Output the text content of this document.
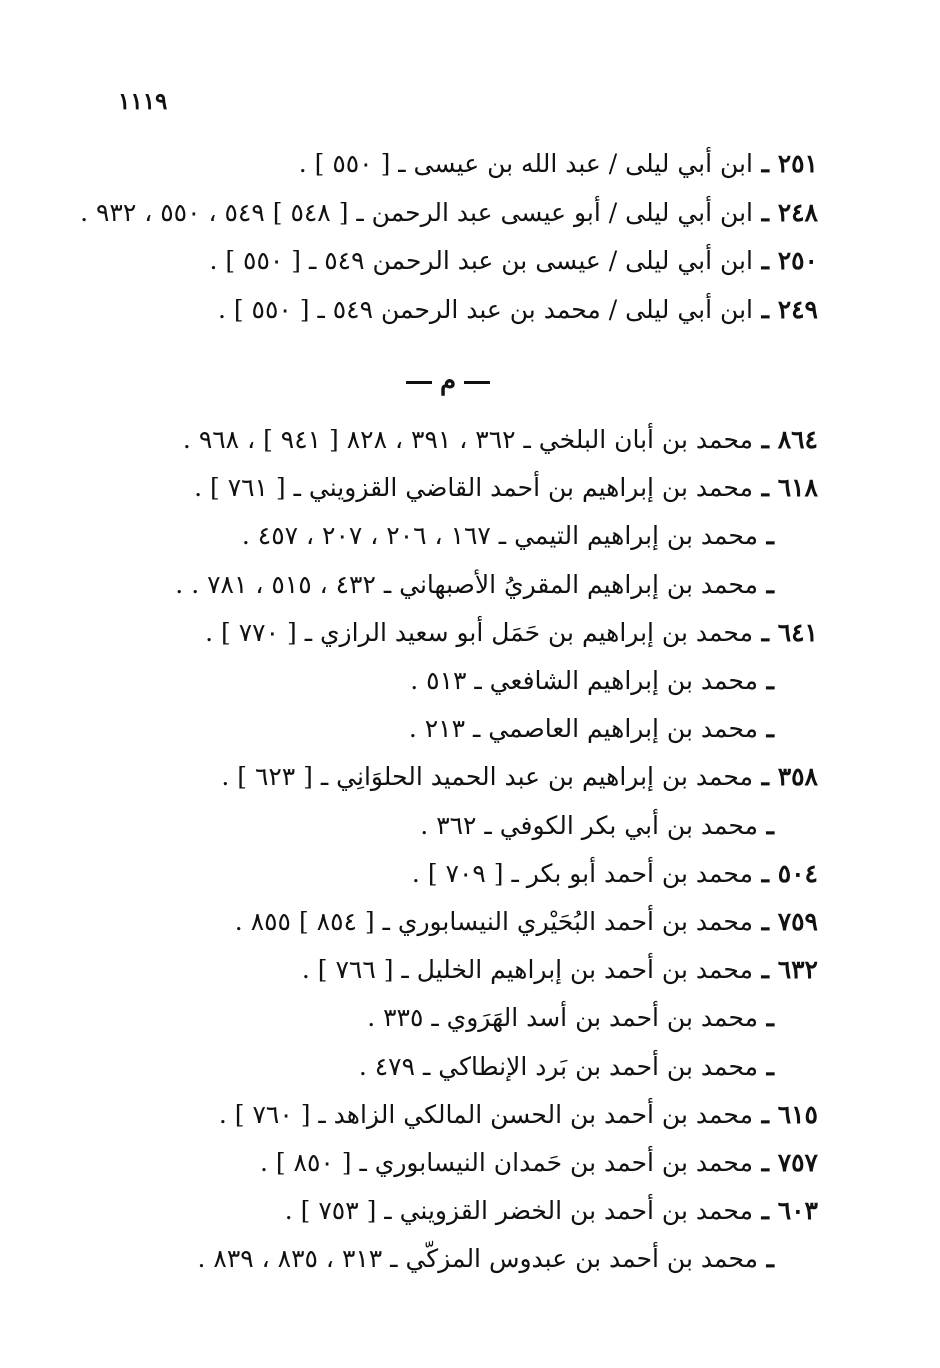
١١١٩
٢٥١ ـ ابن أبي ليلى / عبد الله بن عيسى ـ [ ٥٥٠ ] .
٢٤٨ ـ ابن أبي ليلى / أبو عيسى عبد الرحمن ـ [ ٥٤٨ ] ٥٤٩ ، ٥٥٠ ، ٩٣٢ .
٢٥٠ ـ ابن أبي ليلى / عيسى بن عبد الرحمن ٥٤٩ ـ [ ٥٥٠ ] .
٢٤٩ ـ ابن أبي ليلى / محمد بن عبد الرحمن ٥٤٩ ـ [ ٥٥٠ ] .
م
٨٦٤ ـ محمد بن أبان البلخي ـ ٣٦٢ ، ٣٩١ ، ٨٢٨ [ ٩٤١ ] ، ٩٦٨ .
٦١٨ ـ محمد بن إبراهيم بن أحمد القاضي القزويني ـ [ ٧٦١ ] .
ـ محمد بن إبراهيم التيمي ـ ١٦٧ ، ٢٠٦ ، ٢٠٧ ، ٤٥٧ .
ـ محمد بن إبراهيم المقريُ الأصبهاني ـ ٤٣٢ ، ٥١٥ ، ٧٨١ . .
٦٤١ ـ محمد بن إبراهيم بن حَمَل أبو سعيد الرازي ـ [ ٧٧٠ ] .
ـ محمد بن إبراهيم الشافعي ـ ٥١٣ .
ـ محمد بن إبراهيم العاصمي ـ ٢١٣ .
٣٥٨ ـ محمد بن إبراهيم بن عبد الحميد الحلوَانِي ـ [ ٦٢٣ ] .
ـ محمد بن أبي بكر الكوفي ـ ٣٦٢ .
٥٠٤ ـ محمد بن أحمد أبو بكر ـ [ ٧٠٩ ] .
٧٥٩ ـ محمد بن أحمد البُحَيْري النيسابوري ـ [ ٨٥٤ ] ٨٥٥ .
٦٣٢ ـ محمد بن أحمد بن إبراهيم الخليل ـ [ ٧٦٦ ] .
ـ محمد بن أحمد بن أسد الهَرَوي ـ ٣٣٥ .
ـ محمد بن أحمد بن بَرد الإنطاكي ـ ٤٧٩ .
٦١٥ ـ محمد بن أحمد بن الحسن المالكي الزاهد ـ [ ٧٦٠ ] .
٧٥٧ ـ محمد بن أحمد بن حَمدان النيسابوري ـ [ ٨٥٠ ] .
٦٠٣ ـ محمد بن أحمد بن الخضر القزويني ـ [ ٧٥٣ ] .
ـ محمد بن أحمد بن عبدوس المزكّي ـ ٣١٣ ، ٨٣٥ ، ٨٣٩ .
